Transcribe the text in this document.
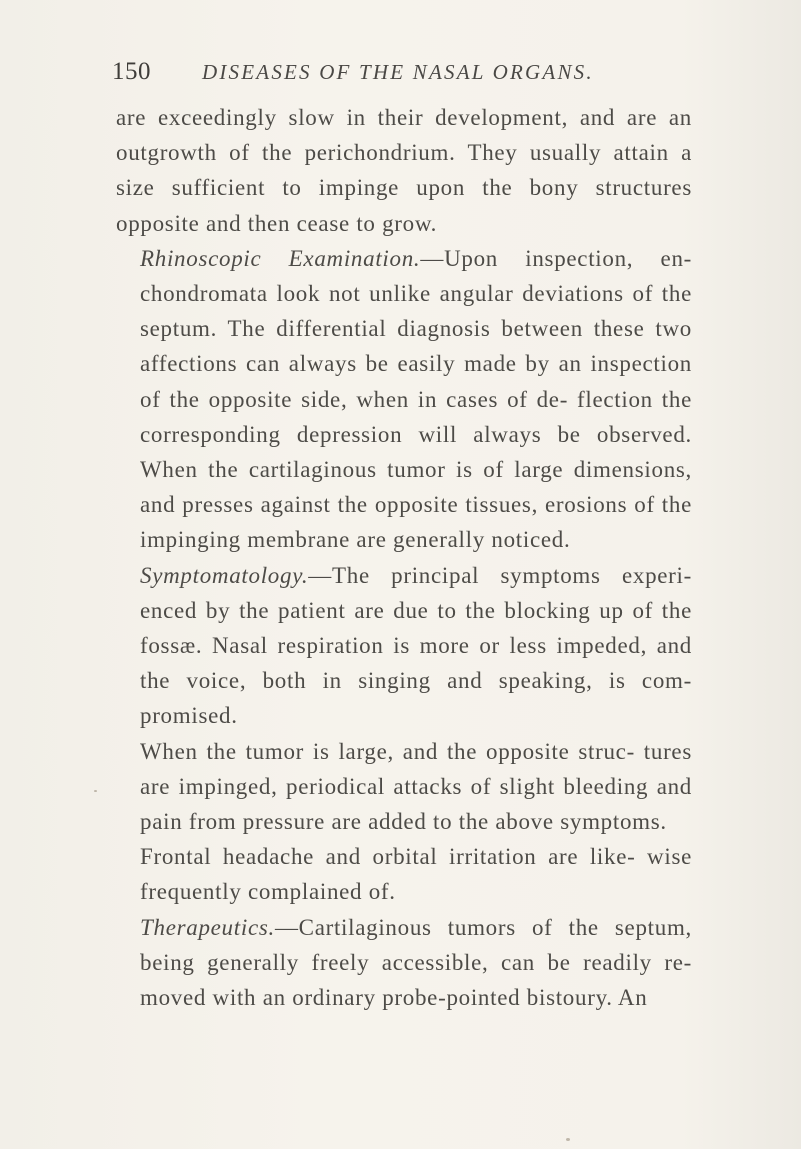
150 DISEASES OF THE NASAL ORGANS.

are exceedingly slow in their development, and are an outgrowth of the perichondrium. They usually attain a size sufficient to impinge upon the bony structures opposite and then cease to grow.

Rhinoscopic Examination.—Upon inspection, en- chondromata look not unlike angular deviations of the septum. The differential diagnosis between these two affections can always be easily made by an inspection of the opposite side, when in cases of de- flection the corresponding depression will always be observed. When the cartilaginous tumor is of large dimensions, and presses against the opposite tissues, erosions of the impinging membrane are generally noticed.

Symptomatology.—The principal symptoms experi- enced by the patient are due to the blocking up of the fossæ. Nasal respiration is more or less impeded, and the voice, both in singing and speaking, is com- promised.

When the tumor is large, and the opposite struc- tures are impinged, periodical attacks of slight bleeding and pain from pressure are added to the above symptoms.

Frontal headache and orbital irritation are like- wise frequently complained of.

Therapeutics.—Cartilaginous tumors of the septum, being generally freely accessible, can be readily re- moved with an ordinary probe-pointed bistoury. An
